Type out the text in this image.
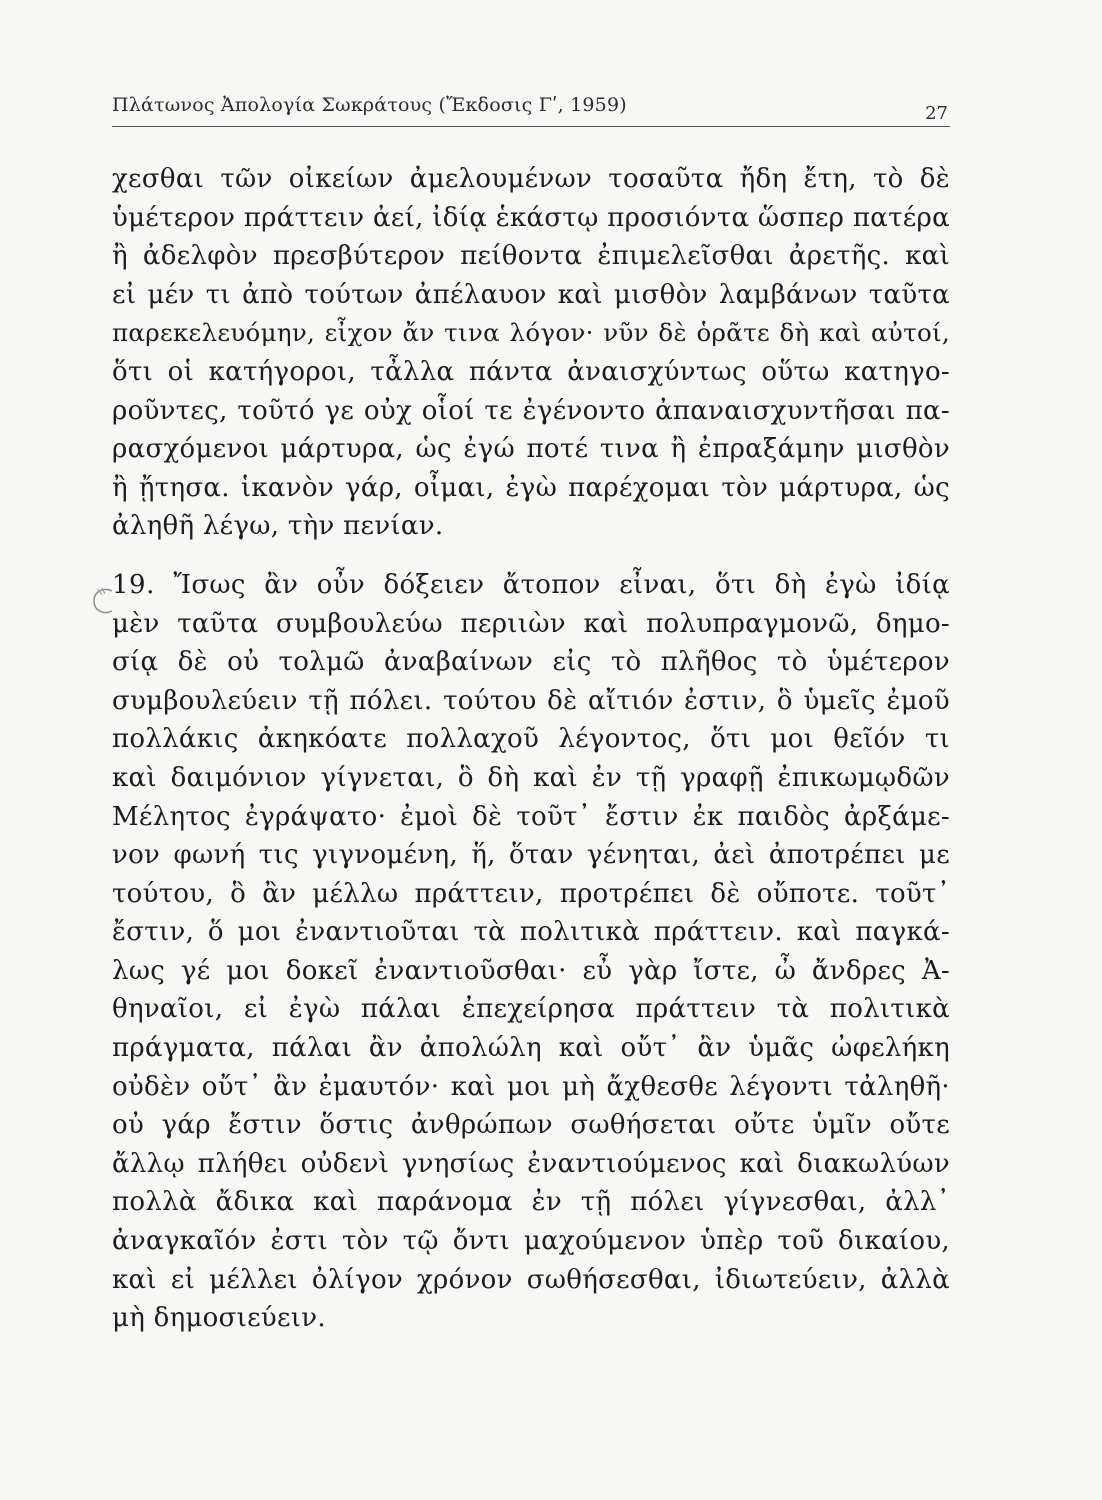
Πλάτωνος Ἀπολογία Σωκράτους (Ἔκδοσις Γʹ, 1959)	27
χεσθαι τῶν οἰκείων ἀμελουμένων τοσαῦτα ἤδη ἔτη, τὸ δὲ
ὑμέτερον πράττειν ἀεί, ἰδίᾳ ἑκάστῳ προσιόντα ὥσπερ πατέρα
ἢ ἀδελφὸν πρεσβύτερον πείθοντα ἐπιμελεῖσθαι ἀρετῆς. καὶ
εἰ μέν τι ἀπὸ τούτων ἀπέλαυον καὶ μισθὸν λαμβάνων ταῦτα
παρεκελευόμην, εἶχον ἄν τινα λόγον· νῦν δὲ ὁρᾶτε δὴ καὶ αὐτοί,
ὅτι οἱ κατήγοροι, τἆλλα πάντα ἀναισχύντως οὕτω κατηγο-
ροῦντες, τοῦτό γε οὐχ οἷοί τε ἐγένοντο ἀπαναισχυντῆσαι πα-
ρασχόμενοι μάρτυρα, ὡς ἐγώ ποτέ τινα ἢ ἐπραξάμην μισθὸν
ἢ ᾔτησα. ἱκανὸν γάρ, οἶμαι, ἐγὼ παρέχομαι τὸν μάρτυρα, ὡς
ἀληθῆ λέγω, τὴν πενίαν.
19. Ἴσως ἂν οὖν δόξειεν ἄτοπον εἶναι, ὅτι δὴ ἐγὼ ἰδίᾳ
μὲν ταῦτα συμβουλεύω περιιὼν καὶ πολυπραγμονῶ, δημο-
σίᾳ δὲ οὐ τολμῶ ἀναβαίνων εἰς τὸ πλῆθος τὸ ὑμέτερον
συμβουλεύειν τῇ πόλει. τούτου δὲ αἴτιόν ἐστιν, ὃ ὑμεῖς ἐμοῦ
πολλάκις ἀκηκόατε πολλαχοῦ λέγοντος, ὅτι μοι θεῖόν τι
καὶ δαιμόνιον γίγνεται, ὃ δὴ καὶ ἐν τῇ γραφῇ ἐπικωμῳδῶν
Μέλητος ἐγράψατο· ἐμοὶ δὲ τοῦτ᾽ ἔστιν ἐκ παιδὸς ἀρξάμε-
νον φωνή τις γιγνομένη, ἥ, ὅταν γένηται, ἀεὶ ἀποτρέπει με
τούτου, ὃ ἂν μέλλω πράττειν, προτρέπει δὲ οὔποτε. τοῦτ᾽
ἔστιν, ὅ μοι ἐναντιοῦται τὰ πολιτικὰ πράττειν. καὶ παγκά-
λως γέ μοι δοκεῖ ἐναντιοῦσθαι· εὖ γὰρ ἴστε, ὦ ἄνδρες Ἀ-
θηναῖοι, εἰ ἐγὼ πάλαι ἐπεχείρησα πράττειν τὰ πολιτικὰ
πράγματα, πάλαι ἂν ἀπολώλη καὶ οὔτ᾽ ἂν ὑμᾶς ὠφελήκη
οὐδὲν οὔτ᾽ ἂν ἐμαυτόν· καὶ μοι μὴ ἄχθεσθε λέγοντι τἀληθῆ·
οὐ γάρ ἔστιν ὅστις ἀνθρώπων σωθήσεται οὔτε ὑμῖν οὔτε
ἄλλῳ πλήθει οὐδενὶ γνησίως ἐναντιούμενος καὶ διακωλύων
πολλὰ ἄδικα καὶ παράνομα ἐν τῇ πόλει γίγνεσθαι, ἀλλ᾽
ἀναγκαῖόν ἐστι τὸν τῷ ὄντι μαχούμενον ὑπὲρ τοῦ δικαίου,
καὶ εἰ μέλλει ὀλίγον χρόνον σωθήσεσθαι, ἰδιωτεύειν, ἀλλὰ
μὴ δημοσιεύειν.
